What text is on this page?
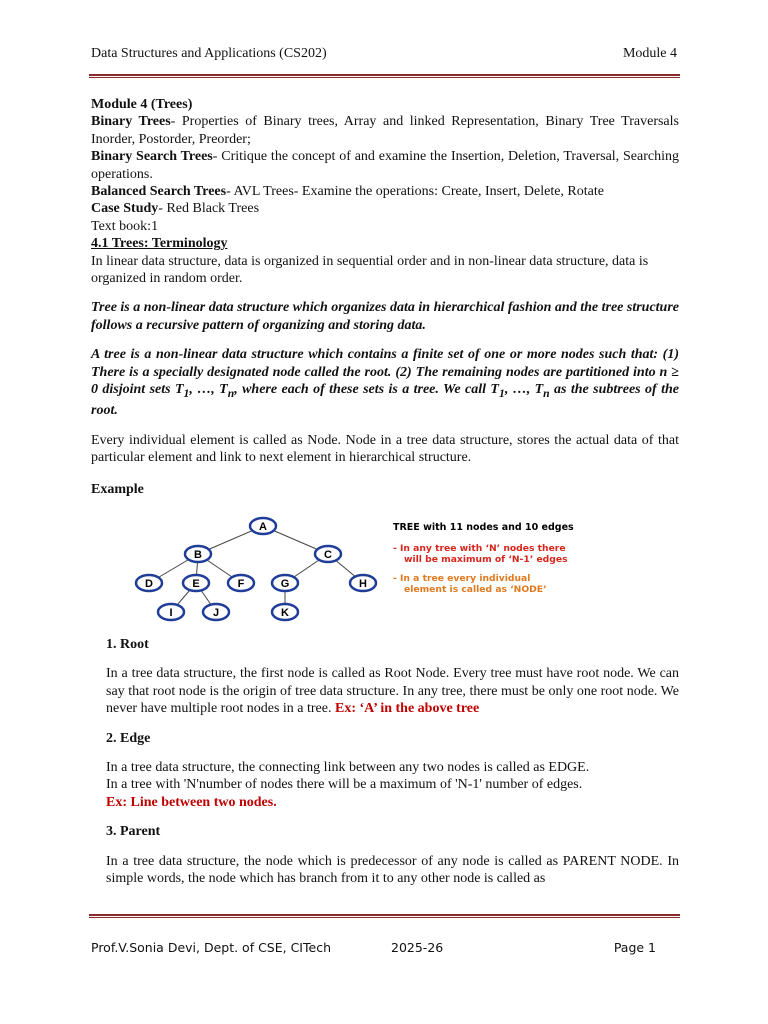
Data Structures and Applications (CS202)	Module 4

Module 4 (Trees)

Binary Trees- Properties of Binary trees, Array and linked Representation, Binary Tree Traversals Inorder, Postorder, Preorder;

Binary Search Trees- Critique the concept of and examine the Insertion, Deletion, Traversal, Searching operations.

Balanced Search Trees- AVL Trees- Examine the operations: Create, Insert, Delete, Rotate

Case Study- Red Black Trees

Text book:1

4.1 Trees: Terminology

In linear data structure, data is organized in sequential order and in non-linear data structure, data is organized in random order.

Tree is a non-linear data structure which organizes data in hierarchical fashion and the tree structure follows a recursive pattern of organizing and storing data.

A tree is a non-linear data structure which contains a finite set of one or more nodes such that: (1) There is a specially designated node called the root. (2) The remaining nodes are partitioned into n ≥ 0 disjoint sets $T_1$, …, $T_n$, where each of these sets is a tree. We call $T_1$, …, $T_n$ as the subtrees of the root.

Every individual element is called as Node. Node in a tree data structure, stores the actual data of that particular element and link to next element in hierarchical structure.

Example

A
B	C
D	E	F	G	H
I	J	K
TREE with 11 nodes and 10 edges
- In any tree with ‘N’ nodes there
will be maximum of ‘N-1’ edges
- In a tree every individual
element is called as ‘NODE’

1. Root

In a tree data structure, the first node is called as Root Node. Every tree must have root node. We can say that root node is the origin of tree data structure. In any tree, there must be only one root node. We never have multiple root nodes in a tree. Ex: ‘A’ in the above tree

2. Edge

In a tree data structure, the connecting link between any two nodes is called as EDGE.

In a tree with 'N'number of nodes there will be a maximum of 'N-1' number of edges.

Ex: Line between two nodes.

3. Parent

In a tree data structure, the node which is predecessor of any node is called as PARENT NODE. In simple words, the node which has branch from it to any other node is called as

Prof.V.Sonia Devi, Dept. of CSE, CITech	2025-26	Page 1
